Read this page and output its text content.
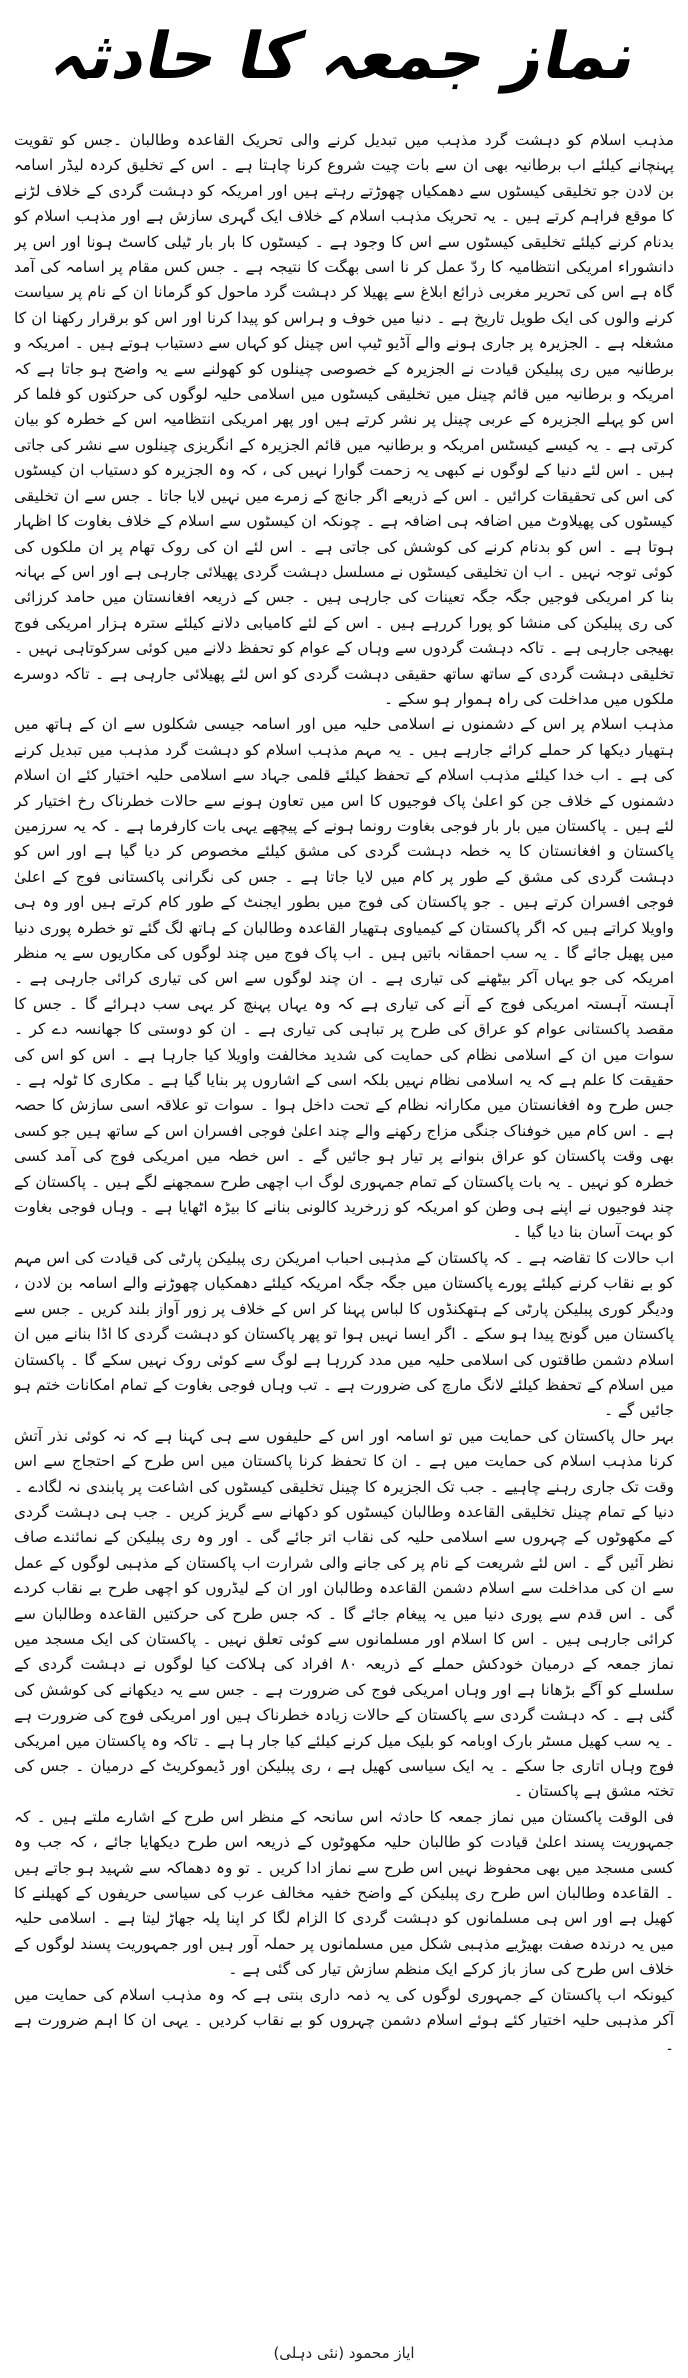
نماز جمعہ کا حادثہ

مذہب اسلام کو دہشت گرد مذہب میں تبدیل کرنے والی تحریک القاعدہ وطالبان ۔جس کو تقویت پہنچانے کیلئے اب برطانیہ بھی ان سے بات چیت شروع کرنا چاہتا ہے ۔ اس کے تخلیق کردہ لیڈر اسامہ بن لادن جو تخلیقی کیسٹوں سے دھمکیاں چھوڑتے رہتے ہیں اور امریکہ کو دہشت گردی کے خلاف لڑنے کا موقع فراہم کرتے ہیں ۔ یہ تحریک مذہب اسلام کے خلاف ایک گہری سازش ہے اور مذہب اسلام کو بدنام کرنے کیلئے تخلیقی کیسٹوں سے اس کا وجود ہے ۔ کیسٹوں کا بار بار ٹیلی کاسٹ ہونا اور اس پر دانشوراء امریکی انتظامیہ کا ردّ عمل کر نا اسی بھگت کا نتیجہ ہے ۔ جس کس مقام پر اسامہ کی آمد گاہ ہے اس کی تحریر مغربی ذرائع ابلاغ سے پھیلا کر دہشت گرد ماحول کو گرمانا ان کے نام پر سیاست کرنے والوں کی ایک طویل تاریخ ہے ۔ دنیا میں خوف و ہراس کو پیدا کرنا اور اس کو برقرار رکھنا ان کا مشغلہ ہے ۔ الجزیرہ پر جاری ہونے والے آڈیو ٹیپ اس چینل کو کہاں سے دستیاب ہوتے ہیں ۔ امریکہ و برطانیہ میں ری پبلیکن قیادت نے الجزیرہ کے خصوصی چینلوں کو کھولنے سے یہ واضح ہو جاتا ہے کہ امریکہ و برطانیہ میں قائم چینل میں تخلیقی کیسٹوں میں اسلامی حلیہ لوگوں کی حرکتوں کو فلما کر اس کو پہلے الجزیرہ کے عربی چینل پر نشر کرتے ہیں اور پھر امریکی انتظامیہ اس کے خطرہ کو بیان کرتی ہے ۔ یہ کیسے کیسٹس امریکہ و برطانیہ میں قائم الجزیرہ کے انگریزی چینلوں سے نشر کی جاتی ہیں ۔ اس لئے دنیا کے لوگوں نے کبھی یہ زحمت گوارا نہیں کی ، کہ وہ الجزیرہ کو دستیاب ان کیسٹوں کی اس کی تحقیقات کرائیں ۔ اس کے ذریعے اگر جانچ کے زمرے میں نہیں لایا جاتا ۔ جس سے ان تخلیقی کیسٹوں کی پھیلاوٹ میں اضافہ ہی اضافہ ہے ۔ چونکہ ان کیسٹوں سے اسلام کے خلاف بغاوت کا اظہار ہوتا ہے ۔ اس کو بدنام کرنے کی کوشش کی جاتی ہے ۔ اس لئے ان کی روک تھام پر ان ملکوں کی کوئی توجہ نہیں ۔ اب ان تخلیقی کیسٹوں نے مسلسل دہشت گردی پھیلائی جارہی ہے اور اس کے بہانہ بنا کر امریکی فوجیں جگہ جگہ تعینات کی جارہی ہیں ۔ جس کے ذریعہ افغانستان میں حامد کرزائی کی ری پبلیکن کی منشا کو پورا کررہے ہیں ۔ اس کے لئے کامیابی دلانے کیلئے سترہ ہزار امریکی فوج بھیجی جارہی ہے ۔ تاکہ دہشت گردوں سے وہاں کے عوام کو تحفظ دلانے میں کوئی سرکوتاہی نہیں ۔ تخلیقی دہشت گردی کے ساتھ ساتھ حقیقی دہشت گردی کو اس لئے پھیلائی جارہی ہے ۔ تاکہ دوسرے ملکوں میں مداخلت کی راہ ہموار ہو سکے ۔

مذہب اسلام پر اس کے دشمنوں نے اسلامی حلیہ میں اور اسامہ جیسی شکلوں سے ان کے ہاتھ میں ہتھیار دیکھا کر حملے کرائے جارہے ہیں ۔ یہ مہم مذہب اسلام کو دہشت گرد مذہب میں تبدیل کرنے کی ہے ۔ اب خدا کیلئے مذہب اسلام کے تحفظ کیلئے قلمی جہاد سے اسلامی حلیہ اختیار کئے ان اسلام دشمنوں کے خلاف جن کو اعلیٰ پاک فوجیوں کا اس میں تعاون ہونے سے حالات خطرناک رخ اختیار کر لئے ہیں ۔ پاکستان میں بار بار فوجی بغاوت رونما ہونے کے پیچھے یہی بات کارفرما ہے ۔ کہ یہ سرزمین پاکستان و افغانستان کا یہ خطہ دہشت گردی کی مشق کیلئے مخصوص کر دیا گیا ہے اور اس کو دہشت گردی کی مشق کے طور پر کام میں لایا جاتا ہے ۔ جس کی نگرانی پاکستانی فوج کے اعلیٰ فوجی افسران کرتے ہیں ۔ جو پاکستان کی فوج میں بطور ایجنٹ کے طور کام کرتے ہیں اور وہ ہی واویلا کراتے ہیں کہ اگر پاکستان کے کیمیاوی ہتھیار القاعدہ وطالبان کے ہاتھ لگ گئے تو خطرہ پوری دنیا میں پھیل جائے گا ۔ یہ سب احمقانہ باتیں ہیں ۔ اب پاک فوج میں چند لوگوں کی مکاریوں سے یہ منظر امریکہ کی جو یہاں آکر بیٹھنے کی تیاری ہے ۔ ان چند لوگوں سے اس کی تیاری کرائی جارہی ہے ۔ آہستہ آہستہ امریکی فوج کے آنے کی تیاری ہے کہ وہ یہاں پہنچ کر یہی سب دہرائے گا ۔ جس کا مقصد پاکستانی عوام کو عراق کی طرح پر تباہی کی تیاری ہے ۔ ان کو دوستی کا جھانسہ دے کر ۔ سوات میں ان کے اسلامی نظام کی حمایت کی شدید مخالفت واویلا کیا جارہا ہے ۔ اس کو اس کی حقیقت کا علم ہے کہ یہ اسلامی نظام نہیں بلکہ اسی کے اشاروں پر بنایا گیا ہے ۔ مکاری کا ٹولہ ہے ۔ جس طرح وہ افغانستان میں مکارانہ نظام کے تحت داخل ہوا ۔ سوات تو علاقہ اسی سازش کا حصہ ہے ۔ اس کام میں خوفناک جنگی مزاج رکھنے والے چند اعلیٰ فوجی افسران اس کے ساتھ ہیں جو کسی بھی وقت پاکستان کو عراق بنوانے پر تیار ہو جائیں گے ۔ اس خطہ میں امریکی فوج کی آمد کسی خطرہ کو نہیں ۔ یہ بات پاکستان کے تمام جمہوری لوگ اب اچھی طرح سمجھنے لگے ہیں ۔ پاکستان کے چند فوجیوں نے اپنے ہی وطن کو امریکہ کو زرخرید کالونی بنانے کا بیڑہ اٹھایا ہے ۔ وہاں فوجی بغاوت کو بہت آسان بنا دیا گیا ۔

اب حالات کا تقاضہ ہے ۔ کہ پاکستان کے مذہبی احباب امریکن ری پبلیکن پارٹی کی قیادت کی اس مہم کو بے نقاب کرنے کیلئے پورے پاکستان میں جگہ جگہ امریکہ کیلئے دھمکیاں چھوڑنے والے اسامہ بن لادن ، ودیگر کوری پبلیکن پارٹی کے ہتھکنڈوں کا لباس پہنا کر اس کے خلاف پر زور آواز بلند کریں ۔ جس سے پاکستان میں گونج پیدا ہو سکے ۔ اگر ایسا نہیں ہوا تو پھر پاکستان کو دہشت گردی کا اڈا بنانے میں ان اسلام دشمن طاقتوں کی اسلامی حلیہ میں مدد کررہا ہے لوگ سے کوئی روک نہیں سکے گا ۔ پاکستان میں اسلام کے تحفظ کیلئے لانگ مارچ کی ضرورت ہے ۔ تب وہاں فوجی بغاوت کے تمام امکانات ختم ہو جائیں گے ۔

بہر حال پاکستان کی حمایت میں تو اسامہ اور اس کے حلیفوں سے ہی کہنا ہے کہ نہ کوئی نذر آتش کرنا مذہب اسلام کی حمایت میں ہے ۔ ان کا تحفظ کرنا پاکستان میں اس طرح کے احتجاج سے اس وقت تک جاری رہنے چاہیے ۔ جب تک الجزیرہ کا چینل تخلیقی کیسٹوں کی اشاعت پر پابندی نہ لگادے ۔ دنیا کے تمام چینل تخلیقی القاعدہ وطالبان کیسٹوں کو دکھانے سے گریز کریں ۔ جب ہی دہشت گردی کے مکھوٹوں کے چہروں سے اسلامی حلیہ کی نقاب اتر جائے گی ۔ اور وہ ری پبلیکن کے نمائندے صاف نظر آئیں گے ۔ اس لئے شریعت کے نام پر کی جانے والی شرارت اب پاکستان کے مذہبی لوگوں کے عمل سے ان کی مداخلت سے اسلام دشمن القاعدہ وطالبان اور ان کے لیڈروں کو اچھی طرح بے نقاب کردے گی ۔ اس قدم سے پوری دنیا میں یہ پیغام جائے گا ۔ کہ جس طرح کی حرکتیں القاعدہ وطالبان سے کرائی جارہی ہیں ۔ اس کا اسلام اور مسلمانوں سے کوئی تعلق نہیں ۔ پاکستان کی ایک مسجد میں نماز جمعہ کے درمیان خودکش حملے کے ذریعہ ۸۰ افراد کی ہلاکت کیا لوگوں نے دہشت گردی کے سلسلے کو آگے بڑھانا ہے اور وہاں امریکی فوج کی ضرورت ہے ۔ جس سے یہ دیکھانے کی کوشش کی گئی ہے ۔ کہ دہشت گردی سے پاکستان کے حالات زیادہ خطرناک ہیں اور امریکی فوج کی ضرورت ہے ۔ یہ سب کھیل مسٹر بارک اوبامہ کو بلیک میل کرنے کیلئے کیا جار ہا ہے ۔ تاکہ وہ پاکستان میں امریکی فوج وہاں اتاری جا سکے ۔ یہ ایک سیاسی کھیل ہے ، ری پبلیکن اور ڈیموکریٹ کے درمیان ۔ جس کی تختہ مشق ہے پاکستان ۔

فی الوقت پاکستان میں نماز جمعہ کا حادثہ اس سانحہ کے منظر اس طرح کے اشارے ملتے ہیں ۔ کہ جمہوریت پسند اعلیٰ قیادت کو طالبان حلیہ مکھوٹوں کے ذریعہ اس طرح دیکھایا جائے ، کہ جب وہ کسی مسجد میں بھی محفوظ نہیں اس طرح سے نماز ادا کریں ۔ تو وہ دھماکہ سے شہید ہو جاتے ہیں ۔ القاعدہ وطالبان اس طرح ری پبلیکن کے واضح خفیہ مخالف عرب کی سیاسی حریفوں کے کھیلنے کا کھیل ہے اور اس ہی مسلمانوں کو دہشت گردی کا الزام لگا کر اپنا پلہ جھاڑ لیتا ہے ۔ اسلامی حلیہ میں یہ درندہ صفت بھیڑیے مذہبی شکل میں مسلمانوں پر حملہ آور ہیں اور جمہوریت پسند لوگوں کے خلاف اس طرح کی ساز باز کرکے ایک منظم سازش تیار کی گئی ہے ۔

کیونکہ اب پاکستان کے جمہوری لوگوں کی یہ ذمہ داری بنتی ہے کہ وہ مذہب اسلام کی حمایت میں آکر مذہبی حلیہ اختیار کئے ہوئے اسلام دشمن چہروں کو بے نقاب کردیں ۔ یہی ان کا اہم ضرورت ہے ۔

ایاز محمود (نئی دہلی)
